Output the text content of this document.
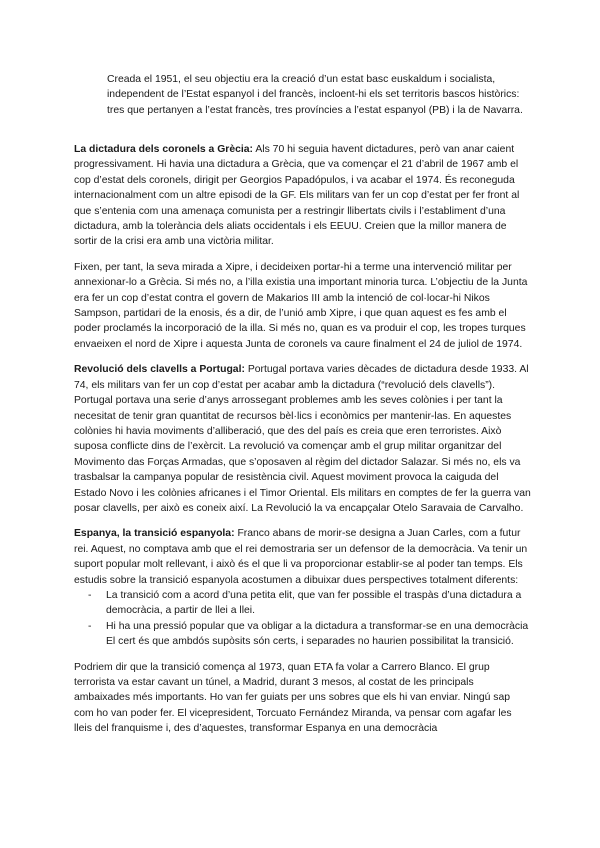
Creada el 1951, el seu objectiu era la creació d’un estat basc euskaldum i socialista, independent de l’Estat espanyol i del francès, incloent-hi els set territoris bascos històrics: tres que pertanyen a l’estat francès, tres províncies a l’estat espanyol (PB) i la de Navarra.

La dictadura dels coronels a Grècia: Als 70 hi seguia havent dictadures, però van anar caient progressivament. Hi havia una dictadura a Grècia, que va començar el 21 d’abril de 1967 amb el cop d’estat dels coronels, dirigit per Georgios Papadópulos, i va acabar el 1974. És reconeguda internacionalment com un altre episodi de la GF. Els militars van fer un cop d’estat per fer front al que s’entenia com una amenaça comunista per a restringir llibertats civils i l’establiment d’una dictadura, amb la tolerància dels aliats occidentals i els EEUU. Creien que la millor manera de sortir de la crisi era amb una victòria militar.

Fixen, per tant, la seva mirada a Xipre, i decideixen portar-hi a terme una intervenció militar per annexionar-lo a Grècia. Si més no, a l’illa existia una important minoria turca. L’objectiu de la Junta era fer un cop d’estat contra el govern de Makarios III amb la intenció de col·locar-hi Nikos Sampson, partidari de la enosis, és a dir, de l’unió amb Xipre, i que quan aquest es fes amb el poder proclamés la incorporació de la illa. Si més no, quan es va produir el cop, les tropes turques envaeixen el nord de Xipre i aquesta Junta de coronels va caure finalment el 24 de juliol de 1974.

Revolució dels clavells a Portugal: Portugal portava varies dècades de dictadura desde 1933. Al 74, els militars van fer un cop d’estat per acabar amb la dictadura (“revolució dels clavells”). Portugal portava una serie d’anys arrossegant problemes amb les seves colònies i per tant la necesitat de tenir gran quantitat de recursos bèl·lics i econòmics per mantenir-las. En aquestes colònies hi havia moviments d’alliberació, que des del país es creia que eren terroristes. Això suposa conflicte dins de l’exèrcit. La revolució va començar amb el grup militar organitzar del Movimento das Forças Armadas, que s’oposaven al règim del dictador Salazar. Si més no, els va trasbalsar la campanya popular de resistència civil. Aquest moviment provoca la caiguda del Estado Novo i les colònies africanes i el Timor Oriental. Els militars en comptes de fer la guerra van posar clavells, per això es coneix així. La Revolució la va encapçalar Otelo Saravaia de Carvalho.

Espanya, la transició espanyola: Franco abans de morir-se designa a Juan Carles, com a futur rei. Aquest, no comptava amb que el rei demostraria ser un defensor de la democràcia. Va tenir un suport popular molt rellevant, i això és el que li va proporcionar establir-se al poder tan temps. Els estudis sobre la transició espanyola acostumen a dibuixar dues perspectives totalment diferents:

- La transició com a acord d’una petita elit, que van fer possible el traspàs d’una dictadura a democràcia, a partir de llei a llei.
- Hi ha una pressió popular que va obligar a la dictadura a transformar-se en una democràcia El cert és que ambdós supòsits són certs, i separades no haurien possibilitat la transició.

Podriem dir que la transició comença al 1973, quan ETA fa volar a Carrero Blanco. El grup terrorista va estar cavant un túnel, a Madrid, durant 3 mesos, al costat de les principals ambaixades més importants. Ho van fer guiats per uns sobres que els hi van enviar. Ningú sap com ho van poder fer. El vicepresident, Torcuato Fernández Miranda, va pensar com agafar les lleis del franquisme i, des d’aquestes, transformar Espanya en una democràcia
